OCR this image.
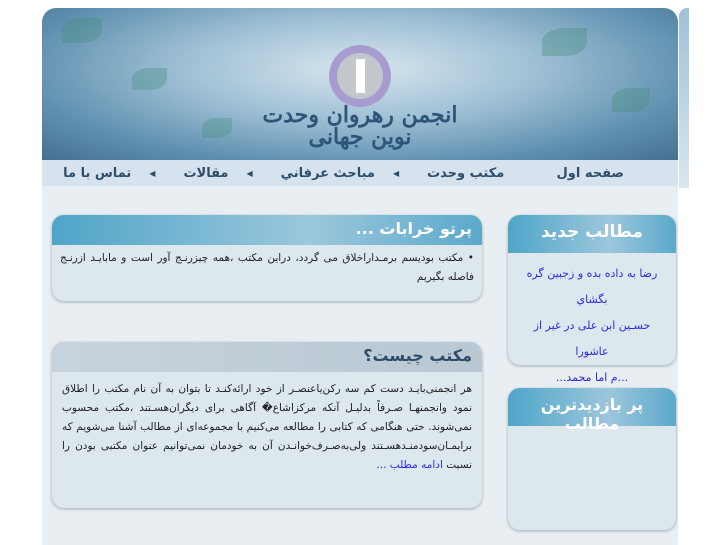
انجمن رهروان وحدت نوین جهانی
صفحه اول
مكتب وحدت
◀
مباحث عرفاني
◀
مقالات
◀
تماس با ما
پرتو خرابات ...
• مکتب بودیسم برمـداراخلاق می گردد، دراین مکتب ،همه چیزرنـج آور است و مابایـد ازرنـج فاصله بگیریم
مکتب چیست؟
هر انجمنی‌بایـد دست کم سه رکن‌یاعنصـر از خود ارائه‌کنـد تا بتوان به آن نام مکتب را اطلاق نمود وانجمنهـا صـرفاً بدلیـل آنکه مرکزاشاع� آگاهی برای دیگران‌هسـتند ،مکتب محسوب نمی‌شوند. حتی هنگامی که کتابی را مطالعه می‌کنیم با مجموعه‌ای از مطالب آشنا می‌شویم که برایمـان‌سودمنـدهسـتند ولی‌به‌صـرف‌خوانـدن آن به خودمان نمی‌توانیم عنوان مکتبی بودن را نسبت ادامه مطلب ...
مطالب جدید
رضا به داده بده و زجبین گره بگشاي
حسـین ابن علی در غیر از عاشورا
...م اما محمد...
پر بازدیدترین مطالب
